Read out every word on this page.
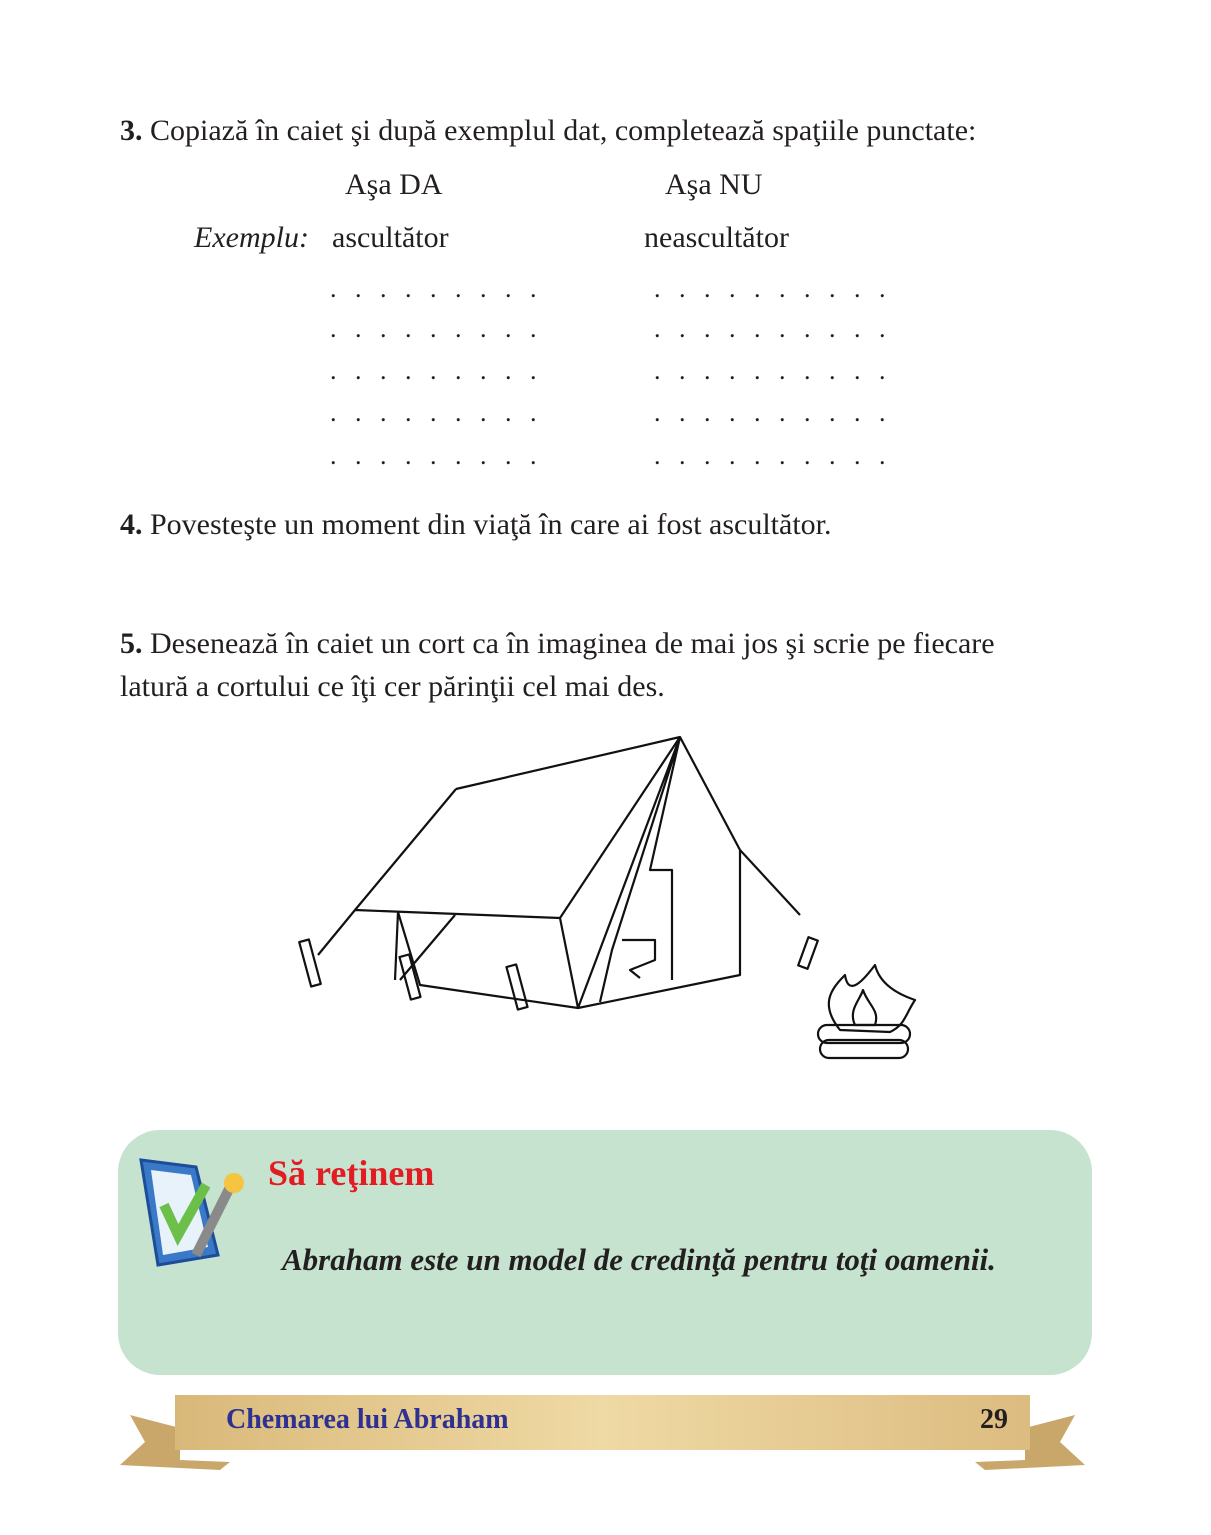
3. Copiază în caiet şi după exemplul dat, completează spaţiile punctate:
Aşa DA	Aşa NU
Exemplu: ascultător	neascultător
. . . . . . . . .	. . . . . . . . . .
. . . . . . . . .	. . . . . . . . . .
. . . . . . . . .	. . . . . . . . . .
. . . . . . . . .	. . . . . . . . . .
. . . . . . . . .	. . . . . . . . . .
4. Povesteşte un moment din viaţă în care ai fost ascultător.
5. Desenează în caiet un cort ca în imaginea de mai jos şi scrie pe fiecare
latură a cortului ce îţi cer părinţii cel mai des.
Să reţinem
Abraham este un model de credinţă pentru toţi oamenii.
Chemarea lui Abraham	29
